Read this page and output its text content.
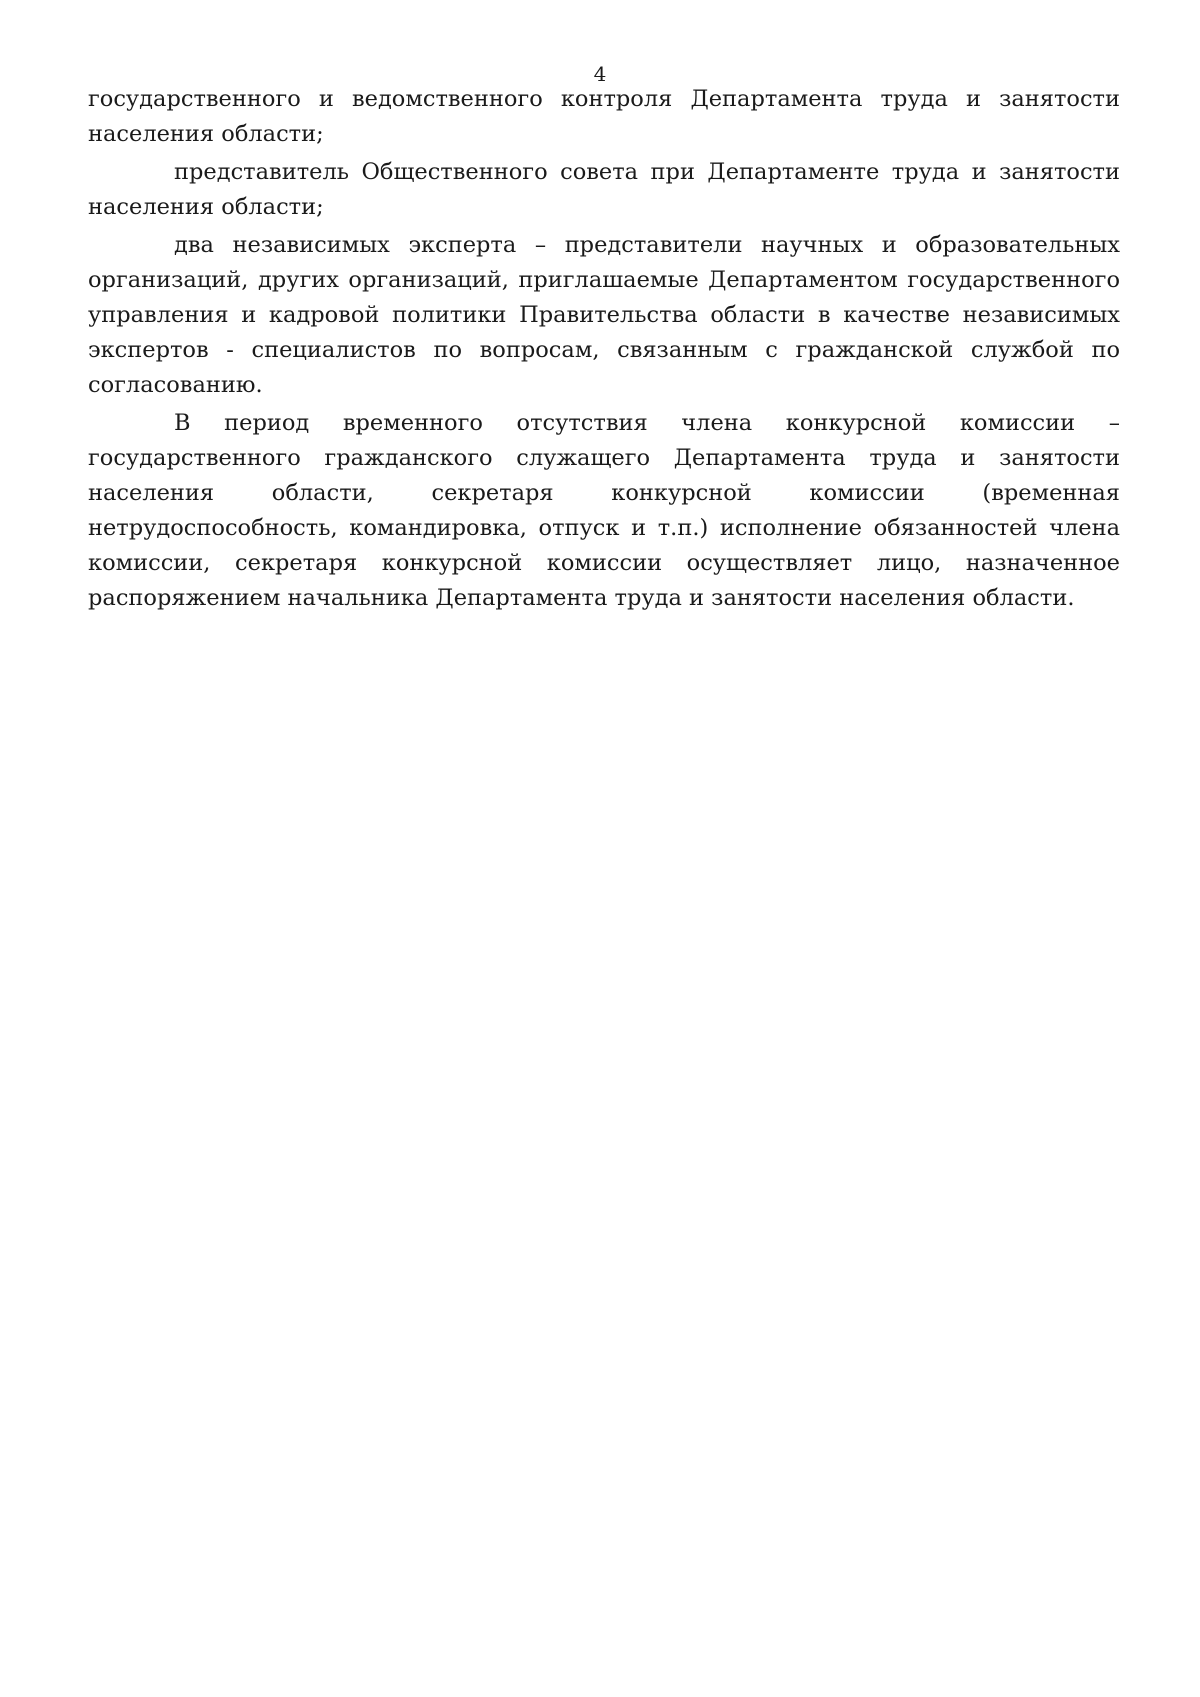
4

государственного и ведомственного контроля Департамента труда и занятости населения области;

представитель Общественного совета при Департаменте труда и занятости населения области;

два независимых эксперта – представители научных и образовательных организаций, других организаций, приглашаемые Департаментом государственного управления и кадровой политики Правительства области в качестве независимых экспертов - специалистов по вопросам, связанным с гражданской службой по согласованию.

В период временного отсутствия члена конкурсной комиссии – государственного гражданского служащего Департамента труда и занятости населения области, секретаря конкурсной комиссии (временная нетрудоспособность, командировка, отпуск и т.п.) исполнение обязанностей члена комиссии, секретаря конкурсной комиссии осуществляет лицо, назначенное распоряжением начальника Департамента труда и занятости населения области.
